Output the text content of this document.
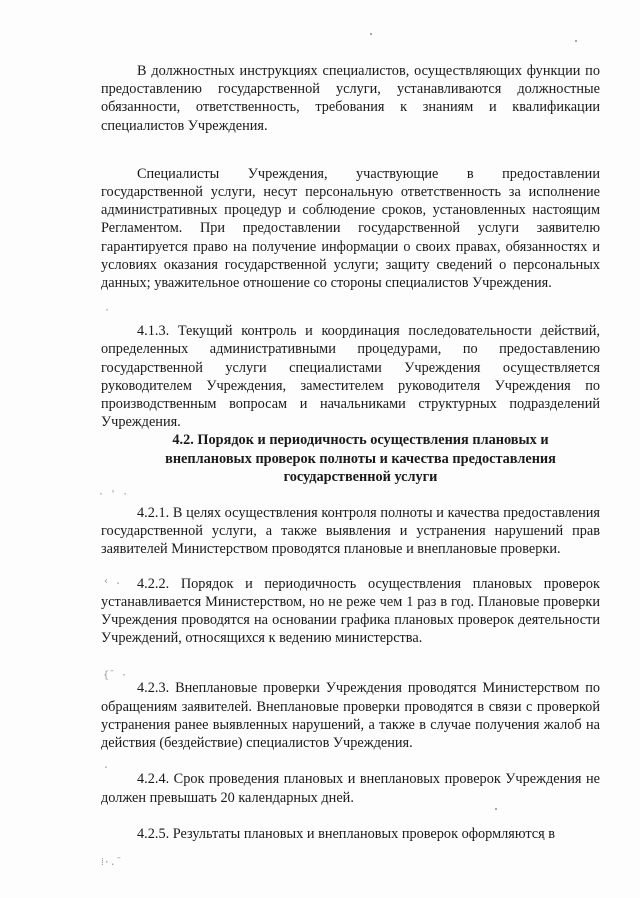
·
· ' ·
‹ .
{ˉ ·
.
⁞·.ˉ

В должностных инструкциях специалистов, осуществляющих функции по предоставлению государственной услуги, устанавливаются должностные обязанности, ответственность, требования к знаниям и квалификации специалистов Учреждения.

Специалисты Учреждения, участвующие в предоставлении государственной услуги, несут персональную ответственность за исполнение административных процедур и соблюдение сроков, установленных настоящим Регламентом. При предоставлении государственной услуги заявителю гарантируется право на получение информации о своих правах, обязанностях и условиях оказания государственной услуги; защиту сведений о персональных данных; уважительное отношение со стороны специалистов Учреждения.

4.1.3. Текущий контроль и координация последовательности действий, определенных административными процедурами, по предоставлению государственной услуги специалистами Учреждения осуществляется руководителем Учреждения, заместителем руководителя Учреждения по производственным вопросам и начальниками структурных подразделений Учреждения.

4.2. Порядок и периодичность осуществления плановых и внеплановых проверок полноты и качества предоставления государственной услуги

4.2.1. В целях осуществления контроля полноты и качества предоставления государственной услуги, а также выявления и устранения нарушений прав заявителей Министерством проводятся плановые и внеплановые проверки.

4.2.2. Порядок и периодичность осуществления плановых проверок устанавливается Министерством, но не реже чем 1 раз в год. Плановые проверки Учреждения проводятся на основании графика плановых проверок деятельности Учреждений, относящихся к ведению министерства.

4.2.3. Внеплановые проверки Учреждения проводятся Министерством по обращениям заявителей. Внеплановые проверки проводятся в связи с проверкой устранения ранее выявленных нарушений, а также в случае получения жалоб на действия (бездействие) специалистов Учреждения.

4.2.4. Срок проведения плановых и внеплановых проверок Учреждения не должен превышать 20 календарных дней.

4.2.5. Результаты плановых и внеплановых проверок оформляются в
